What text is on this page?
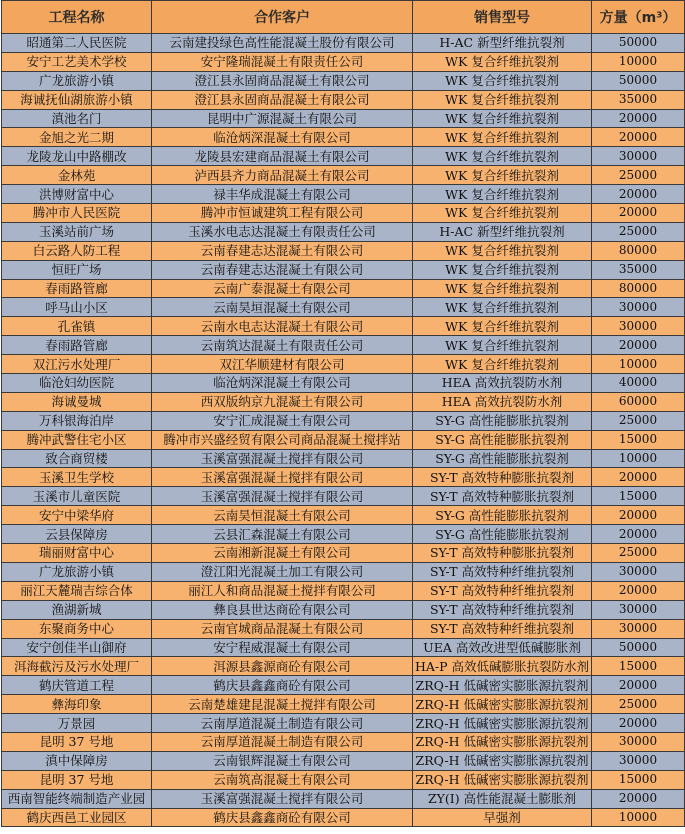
工程名称	合作客户	销售型号	方量（m³）
昭通第二人民医院	云南建投绿色高性能混凝土股份有限公司	H-AC 新型纤维抗裂剂	50000
安宁工艺美术学校	安宁隆瑞混凝土有限责任公司	WK 复合纤维抗裂剂	10000
广龙旅游小镇	澄江县永固商品混凝土有限公司	WK 复合纤维抗裂剂	50000
海诚抚仙湖旅游小镇	澄江县永固商品混凝土有限公司	WK 复合纤维抗裂剂	35000
滇池名门	昆明中广源混凝土有限公司	WK 复合纤维抗裂剂	20000
金旭之光二期	临沧炳深混凝土有限公司	WK 复合纤维抗裂剂	20000
龙陵龙山中路棚改	龙陵县宏建商品混凝土有限公司	WK 复合纤维抗裂剂	30000
金林苑	泸西县齐力商品混凝土有限公司	WK 复合纤维抗裂剂	25000
洪博财富中心	禄丰华成混凝土有限公司	WK 复合纤维抗裂剂	20000
腾冲市人民医院	腾冲市恒诚建筑工程有限公司	WK 复合纤维抗裂剂	20000
玉溪站前广场	玉溪水电志达混凝土有限责任公司	H-AC 新型纤维抗裂剂	25000
白云路人防工程	云南春建志达混凝土有限公司	WK 复合纤维抗裂剂	80000
恒旺广场	云南春建志达混凝土有限公司	WK 复合纤维抗裂剂	35000
春雨路管廊	云南广泰混凝土有限公司	WK 复合纤维抗裂剂	80000
呼马山小区	云南昊垣混凝土有限公司	WK 复合纤维抗裂剂	30000
孔雀镇	云南水电志达混凝土有限公司	WK 复合纤维抗裂剂	30000
春雨路管廊	云南筑达混凝土有限责任公司	WK 复合纤维抗裂剂	20000
双江污水处理厂	双江华顺建材有限公司	WK 复合纤维抗裂剂	10000
临沧妇幼医院	临沧炳深混凝土有限公司	HEA 高效抗裂防水剂	40000
海诚曼城	西双版纳京九混凝土有限公司	HEA 高效抗裂防水剂	60000
万科银海泊岸	安宁汇成混凝土有限公司	SY-G 高性能膨胀抗裂剂	25000
腾冲武警住宅小区	腾冲市兴盛经贸有限公司商品混凝土搅拌站	SY-G 高性能膨胀抗裂剂	15000
致合商贸楼	玉溪富强混凝土搅拌有限公司	SY-G 高性能膨胀抗裂剂	10000
玉溪卫生学校	玉溪富强混凝土搅拌有限公司	SY-T 高效特种膨胀抗裂剂	20000
玉溪市儿童医院	玉溪富强混凝土搅拌有限公司	SY-T 高效特种膨胀抗裂剂	15000
安宁中梁华府	云南昊恒混凝土有限公司	SY-G 高性能膨胀抗裂剂	20000
云县保障房	云县汇森混凝土有限公司	SY-G 高性能膨胀抗裂剂	20000
瑞丽财富中心	云南湘新混凝土有限公司	SY-T 高效特种膨胀抗裂剂	25000
广龙旅游小镇	澄江阳光混凝土加工有限公司	SY-T 高效特种纤维抗裂剂	30000
丽江天麓瑞吉综合体	丽江人和商品混凝土搅拌有限公司	SY-T 高效特种纤维抗裂剂	20000
渔湖新城	彝良县世达商砼有限公司	SY-T 高效特种纤维抗裂剂	30000
东聚商务中心	云南官城商品混凝土有限公司	SY-T 高效特种纤维抗裂剂	30000
安宁创佳半山御府	安宁程威混凝土有限公司	UEA 高效改进型低碱膨胀剂	50000
洱海截污及污水处理厂	洱源县鑫源商砼有限公司	HA-P 高效低碱膨胀抗裂防水剂	15000
鹤庆管道工程	鹤庆县鑫鑫商砼有限公司	ZRQ-H 低碱密实膨胀源抗裂剂	20000
彝海印象	云南楚雄建昆混凝土搅拌有限公司	ZRQ-H 低碱密实膨胀源抗裂剂	25000
万景园	云南厚道混凝土制造有限公司	ZRQ-H 低碱密实膨胀源抗裂剂	20000
昆明 37 号地	云南厚道混凝土制造有限公司	ZRQ-H 低碱密实膨胀源抗裂剂	30000
滇中保障房	云南银辉混凝土有限公司	ZRQ-H 低碱密实膨胀源抗裂剂	30000
昆明 37 号地	云南筑高混凝土有限公司	ZRQ-H 低碱密实膨胀源抗裂剂	15000
西南智能终端制造产业园	玉溪富强混凝土搅拌有限公司	ZY(I) 高性能混凝土膨胀剂	20000
鹤庆西邑工业园区	鹤庆县鑫鑫商砼有限公司	早强剂	10000
